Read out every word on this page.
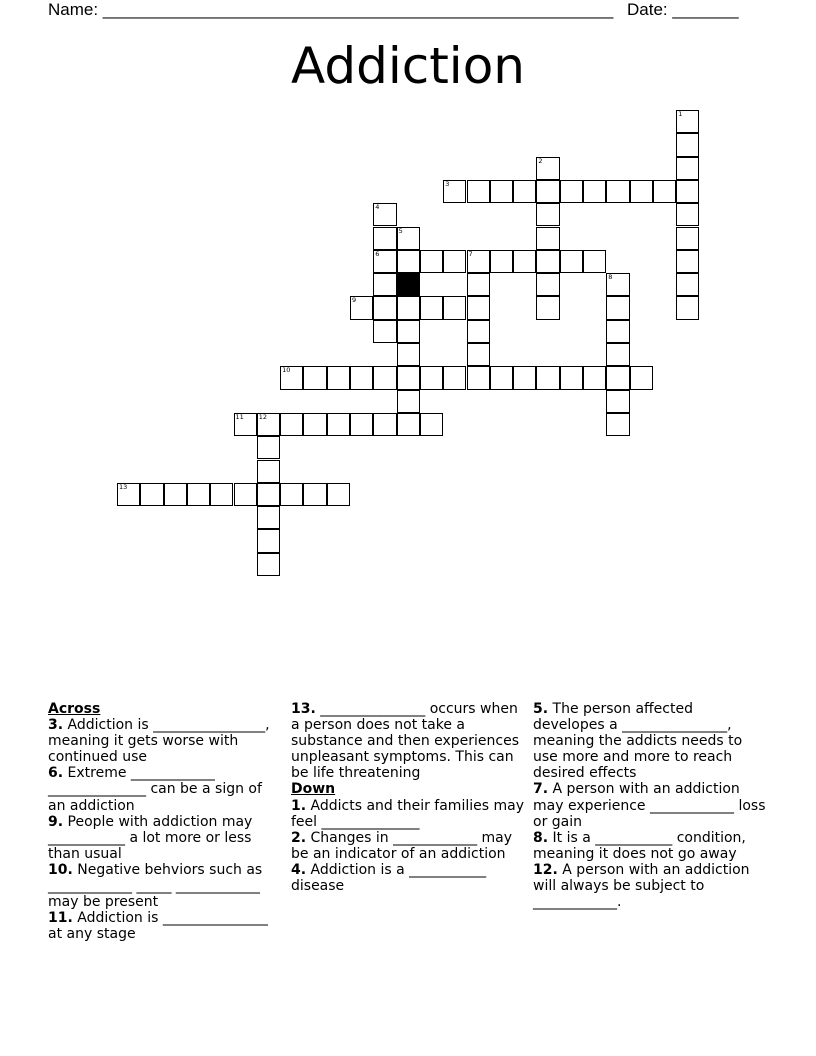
Name: ______________________________________________________ Date: _______
Addiction
1
2
3
4
5
6	7
8
9
10
11 12
13

Across

3. Addiction is ________________, meaning it gets worse with continued use

6. Extreme ____________ ______________ can be a sign of an addiction

9. People with addiction may ___________ a lot more or less than usual

10. Negative behviors such as ____________ _____ ____________ may be present

11. Addiction is _______________ at any stage

13. _______________ occurs when a person does not take a substance and then experiences unpleasant symptoms. This can be life threatening

Down

1. Addicts and their families may feel ______________

2. Changes in ____________ may be an indicator of an addiction

4. Addiction is a ___________ disease

5. The person affected developes a _______________, meaning the addicts needs to use more and more to reach desired effects

7. A person with an addiction may experience ____________ loss or gain

8. It is a ___________ condition, meaning it does not go away

12. A person with an addiction will always be subject to ____________.
